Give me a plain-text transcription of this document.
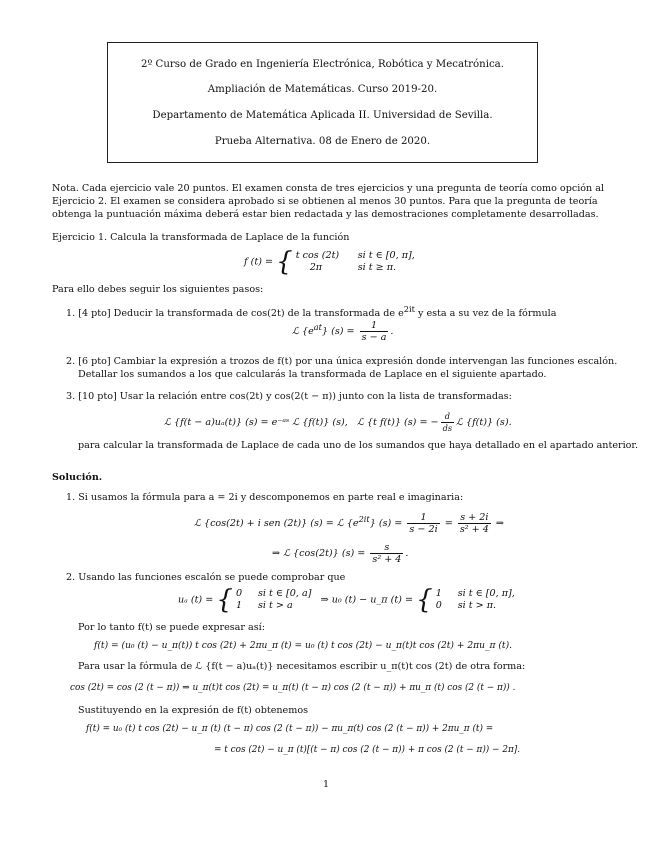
2º Curso de Grado en Ingeniería Electrónica, Robótica y Mecatrónica.
Ampliación de Matemáticas. Curso 2019-20.
Departamento de Matemática Aplicada II. Universidad de Sevilla.
Prueba Alternativa. 08 de Enero de 2020.
Nota. Cada ejercicio vale 20 puntos. El examen consta de tres ejercicios y una pregunta de teoría como opción al
Ejercicio 2. El examen se considera aprobado si se obtienen al menos 30 puntos. Para que la pregunta de teoría
obtenga la puntuación máxima deberá estar bien redactada y las demostraciones completamente desarrolladas.
Ejercicio 1. Calcula la transformada de Laplace de la función
f (t) = { t cos (2t) si t ∈ [0, π],
2π	si t ≥ π.
Para ello debes seguir los siguientes pasos:
1. [4 pto] Deducir la transformada de cos(2t) de la transformada de $e^{2it}$ y esta a su vez de la fórmula
ℒ $\{e^{at}\} (s) = \frac{1}{s - a}$ .
2. [6 pto] Cambiar la expresión a trozos de f(t) por una única expresión donde intervengan las funciones escalón.
Detallar los sumandos a los que calcularás la transformada de Laplace en el siguiente apartado.
3. [10 pto] Usar la relación entre cos(2t) y cos(2(t − π)) junto con la lista de transformadas:
ℒ {f(t − a)uₐ(t)} (s) = e⁻ᵃˢ ℒ {f(t)} (s), ℒ {t f(t)} (s) = − $\frac{d}{ds}$ ℒ {f(t)} (s).
para calcular la transformada de Laplace de cada uno de los sumandos que haya detallado en el apartado anterior.
Solución.
1. Si usamos la fórmula para a = 2i y descomponemos en parte real e imaginaria:
ℒ {cos(2t) + i sen (2t)} (s) = ℒ $\{e^{2it}\} (s) = \frac{1}{s - 2i} = \frac{s + 2i}{\text{s² + 4}}$ ⇒
⇒ ℒ {cos(2t)} $(s) = \frac{s}{\text{s² + 4}}$ .
2. Usando las funciones escalón se puede comprobar que
uₐ (t) = { 0 si t ∈ [0, a]
1 si t > a	⇒ u₀ (t) − u_π (t) = { 1 si t ∈ [0, π],
0 si t > π.
Por lo tanto f(t) se puede expresar así:
f(t) = (u₀ (t) − u_π(t)) t cos (2t) + 2πu_π (t) = u₀ (t) t cos (2t) − u_π(t)t cos (2t) + 2πu_π (t).
Para usar la fórmula de ℒ {f(t − a)uₐ(t)} necesitamos escribir u_π(t)t cos (2t) de otra forma:
cos (2t) = cos (2 (t − π)) ⇒ u_π(t)t cos (2t) = u_π(t) (t − π) cos (2 (t − π)) + πu_π (t) cos (2 (t − π)) .
Sustituyendo en la expresión de f(t) obtenemos
f(t) = u₀ (t) t cos (2t) − u_π (t) (t − π) cos (2 (t − π)) − πu_π(t) cos (2 (t − π)) + 2πu_π (t) =
= t cos (2t) − u_π (t)[(t − π) cos (2 (t − π)) + π cos (2 (t − π)) − 2π].
1
